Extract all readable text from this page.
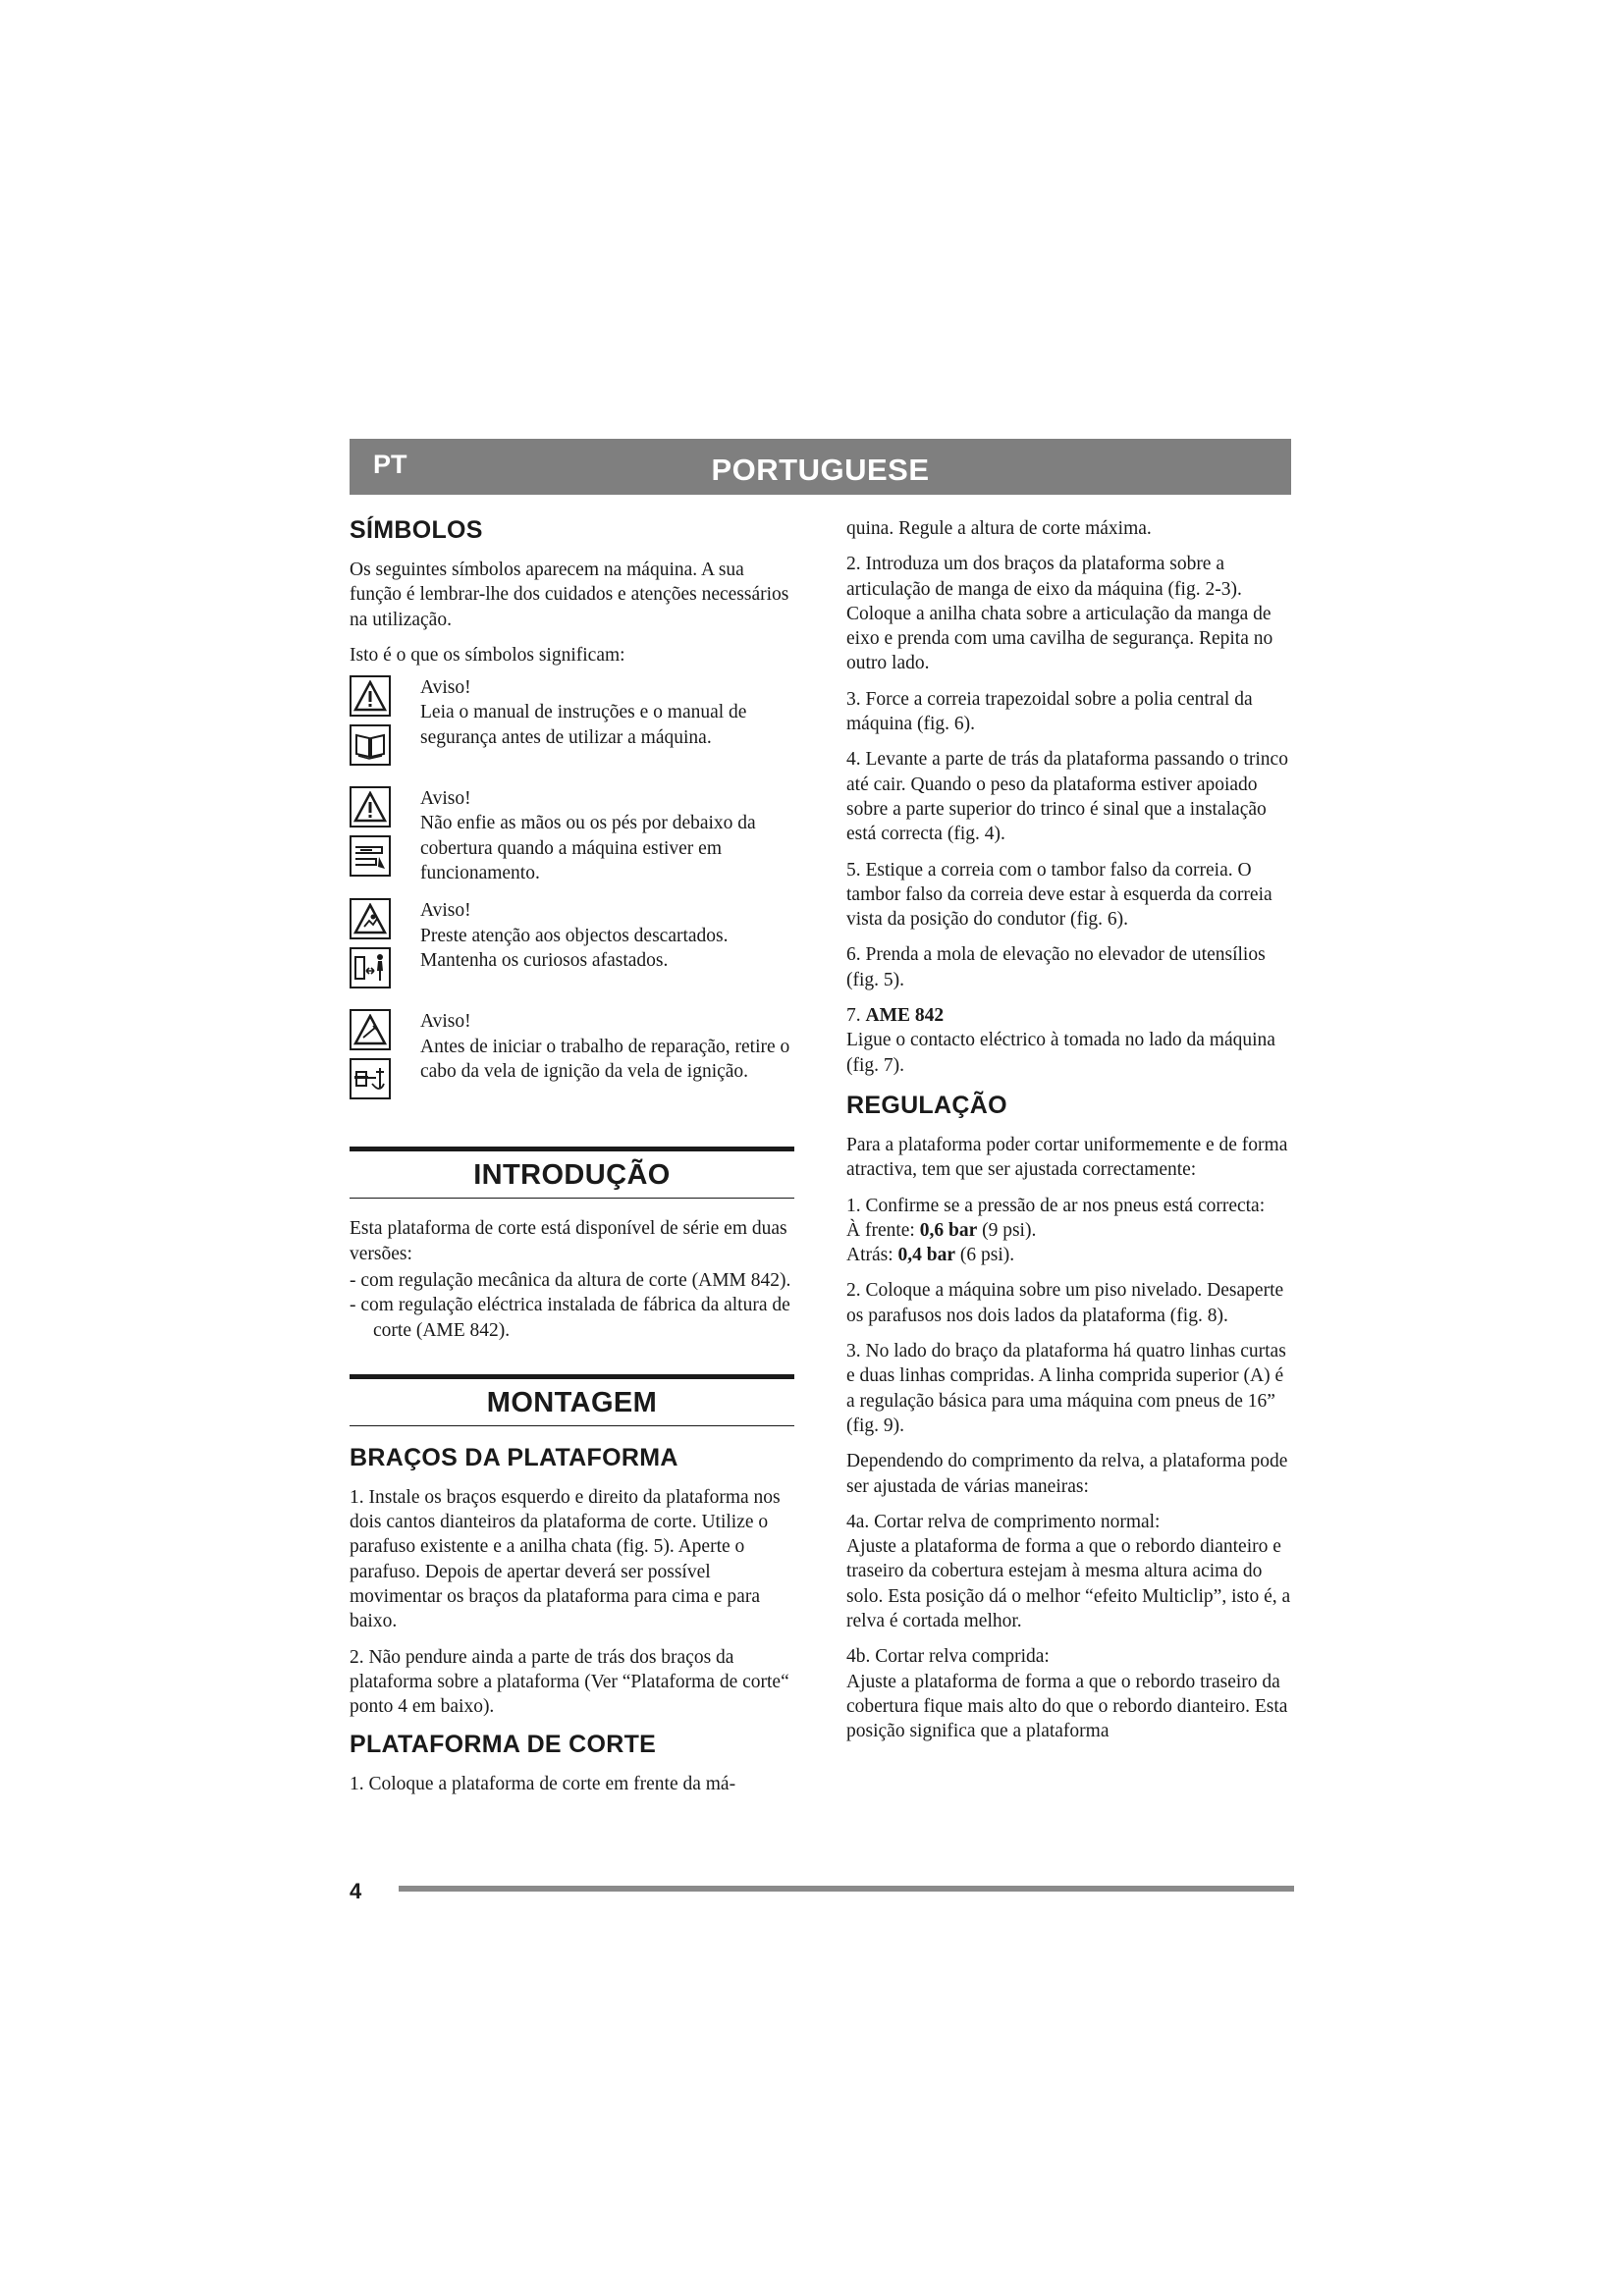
PT	PORTUGUESE
SÍMBOLOS

Os seguintes símbolos aparecem na máquina. A sua função é lembrar-lhe dos cuidados e atenções necessários na utilização.

Isto é o que os símbolos significam:

Aviso!
Leia o manual de instruções e o manual de segurança antes de utilizar a máquina.
Aviso!
Não enfie as mãos ou os pés por debaixo da cobertura quando a máquina estiver em funcionamento.
Aviso!
Preste atenção aos objectos descartados. Mantenha os curiosos afastados.
Aviso!
Antes de iniciar o trabalho de reparação, retire o cabo da vela de ignição da vela de ignição.
INTRODUÇÃO

Esta plataforma de corte está disponível de série em duas versões:

- com regulação mecânica da altura de corte (AMM 842).

- com regulação eléctrica instalada de fábrica da altura de corte (AME 842).

MONTAGEM
BRAÇOS DA PLATAFORMA

1. Instale os braços esquerdo e direito da plataforma nos dois cantos dianteiros da plataforma de corte. Utilize o parafuso existente e a anilha chata (fig. 5). Aperte o parafuso. Depois de apertar deverá ser possível movimentar os braços da plataforma para cima e para baixo.

2. Não pendure ainda a parte de trás dos braços da plataforma sobre a plataforma (Ver “Plataforma de corte“ ponto 4 em baixo).

PLATAFORMA DE CORTE

1. Coloque a plataforma de corte em frente da má-

quina. Regule a altura de corte máxima.

2. Introduza um dos braços da plataforma sobre a articulação de manga de eixo da máquina (fig. 2-3). Coloque a anilha chata sobre a articulação da manga de eixo e prenda com uma cavilha de segurança. Repita no outro lado.

3. Force a correia trapezoidal sobre a polia central da máquina (fig. 6).

4. Levante a parte de trás da plataforma passando o trinco até cair. Quando o peso da plataforma estiver apoiado sobre a parte superior do trinco é sinal que a instalação está correcta (fig. 4).

5. Estique a correia com o tambor falso da correia. O tambor falso da correia deve estar à esquerda da correia vista da posição do condutor (fig. 6).

6. Prenda a mola de elevação no elevador de utensílios (fig. 5).

7. AME 842
Ligue o contacto eléctrico à tomada no lado da máquina (fig. 7).

REGULAÇÃO

Para a plataforma poder cortar uniformemente e de forma atractiva, tem que ser ajustada correctamente:

1. Confirme se a pressão de ar nos pneus está correcta:
À frente: 0,6 bar (9 psi).
Atrás: 0,4 bar (6 psi).

2. Coloque a máquina sobre um piso nivelado. Desaperte os parafusos nos dois lados da plataforma (fig. 8).

3. No lado do braço da plataforma há quatro linhas curtas e duas linhas compridas. A linha comprida superior (A) é a regulação básica para uma máquina com pneus de 16” (fig. 9).

Dependendo do comprimento da relva, a plataforma pode ser ajustada de várias maneiras:

4a. Cortar relva de comprimento normal:
Ajuste a plataforma de forma a que o rebordo dianteiro e traseiro da cobertura estejam à mesma altura acima do solo. Esta posição dá o melhor “efeito Multiclip”, isto é, a relva é cortada melhor.

4b. Cortar relva comprida:
Ajuste a plataforma de forma a que o rebordo traseiro da cobertura fique mais alto do que o rebordo dianteiro. Esta posição significa que a plataforma

4
